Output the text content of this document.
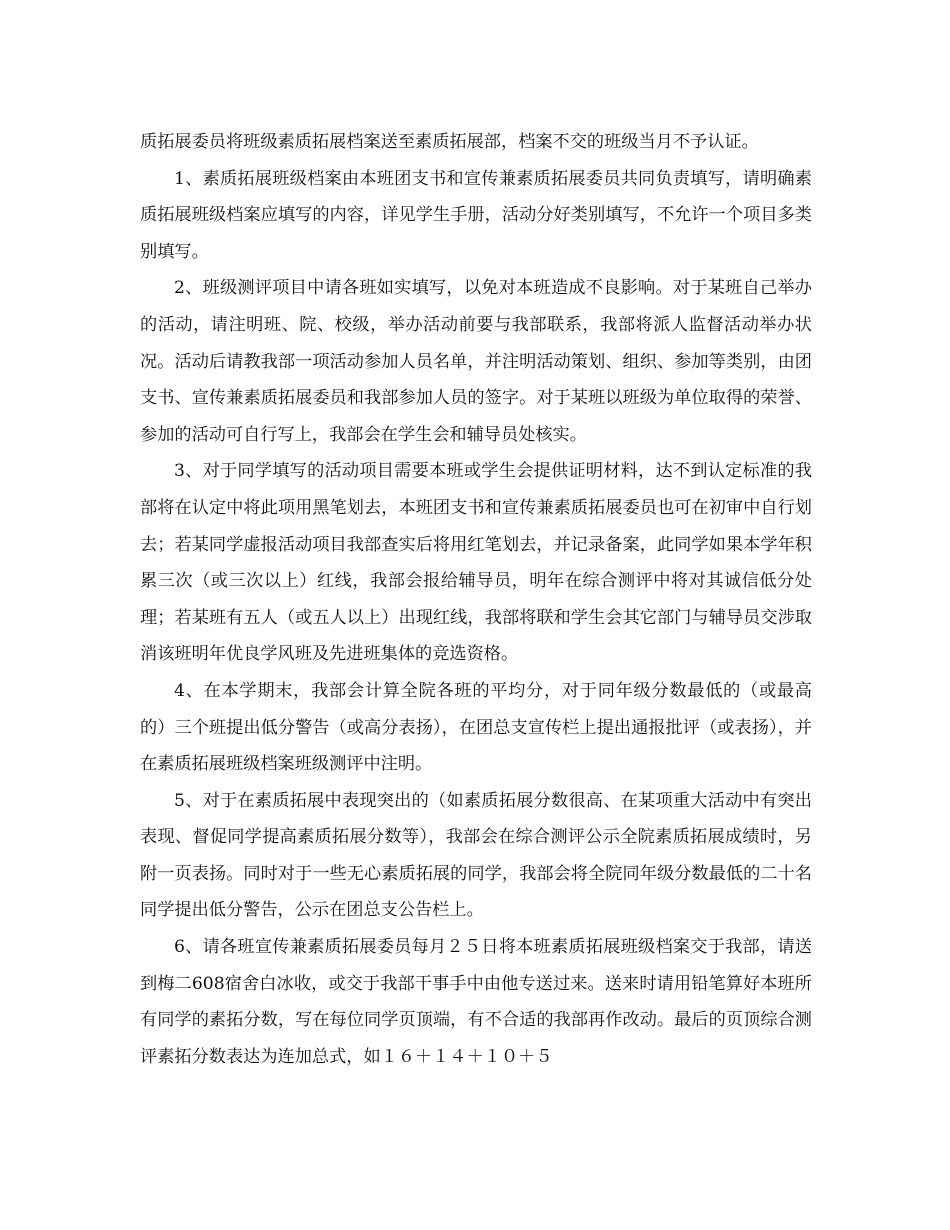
质拓展委员将班级素质拓展档案送至素质拓展部，档案不交的班级当月不予认证。

1、素质拓展班级档案由本班团支书和宣传兼素质拓展委员共同负责填写，请明确素质拓展班级档案应填写的内容，详见学生手册，活动分好类别填写，不允许一个项目多类别填写。

2、班级测评项目中请各班如实填写，以免对本班造成不良影响。对于某班自己举办的活动，请注明班、院、校级，举办活动前要与我部联系，我部将派人监督活动举办状况。活动后请教我部一项活动参加人员名单，并注明活动策划、组织、参加等类别，由团支书、宣传兼素质拓展委员和我部参加人员的签字。对于某班以班级为单位取得的荣誉、参加的活动可自行写上，我部会在学生会和辅导员处核实。

3、对于同学填写的活动项目需要本班或学生会提供证明材料，达不到认定标准的我部将在认定中将此项用黑笔划去，本班团支书和宣传兼素质拓展委员也可在初审中自行划去；若某同学虚报活动项目我部查实后将用红笔划去，并记录备案，此同学如果本学年积累三次（或三次以上）红线，我部会报给辅导员，明年在综合测评中将对其诚信低分处理；若某班有五人（或五人以上）出现红线，我部将联和学生会其它部门与辅导员交涉取消该班明年优良学风班及先进班集体的竞选资格。

4、在本学期末，我部会计算全院各班的平均分，对于同年级分数最低的（或最高的）三个班提出低分警告（或高分表扬），在团总支宣传栏上提出通报批评（或表扬），并在素质拓展班级档案班级测评中注明。

5、对于在素质拓展中表现突出的（如素质拓展分数很高、在某项重大活动中有突出表现、督促同学提高素质拓展分数等），我部会在综合测评公示全院素质拓展成绩时，另附一页表扬。同时对于一些无心素质拓展的同学，我部会将全院同年级分数最低的二十名同学提出低分警告，公示在团总支公告栏上。

6、请各班宣传兼素质拓展委员每月２５日将本班素质拓展班级档案交于我部，请送到梅二608宿舍白冰收，或交于我部干事手中由他专送过来。送来时请用铅笔算好本班所有同学的素拓分数，写在每位同学页顶端，有不合适的我部再作改动。最后的页顶综合测评素拓分数表达为连加总式，如１６＋１４＋１０＋５
